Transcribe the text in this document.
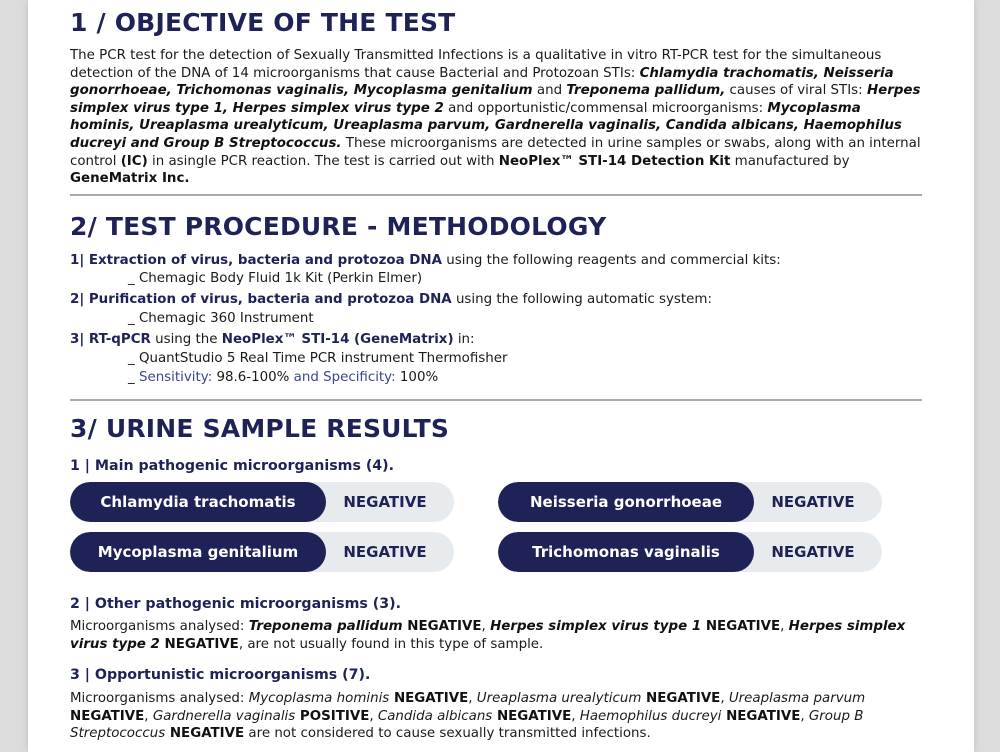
1 / OBJECTIVE OF THE TEST
The PCR test for the detection of Sexually Transmitted Infections is a qualitative in vitro RT-PCR test for the simultaneous detection of the DNA of 14 microorganisms that cause Bacterial and Protozoan STIs: Chlamydia trachomatis, Neisseria gonorrhoeae, Trichomonas vaginalis, Mycoplasma genitalium and Treponema pallidum, causes of viral STIs: Herpes simplex virus type 1, Herpes simplex virus type 2 and opportunistic/commensal microorganisms: Mycoplasma hominis, Ureaplasma urealyticum, Ureaplasma parvum, Gardnerella vaginalis, Candida albicans, Haemophilus ducreyi and Group B Streptococcus. These microorganisms are detected in urine samples or swabs, along with an internal control (IC) in asingle PCR reaction. The test is carried out with NeoPlex™ STI-14 Detection Kit manufactured by GeneMatrix Inc.
2/ TEST PROCEDURE - METHODOLOGY
1| Extraction of virus, bacteria and protozoa DNA using the following reagents and commercial kits:
_ Chemagic Body Fluid 1k Kit (Perkin Elmer)
2| Purification of virus, bacteria and protozoa DNA using the following automatic system:
_ Chemagic 360 Instrument
3| RT-qPCR using the NeoPlex™ STI-14 (GeneMatrix) in:
_ QuantStudio 5 Real Time PCR instrument Thermofisher
_ Sensitivity: 98.6-100% and Specificity: 100%
3/ URINE SAMPLE RESULTS
1 | Main pathogenic microorganisms (4).
Chlamydia trachomatis	NEGATIVE	Neisseria gonorrhoeae	NEGATIVE
Mycoplasma genitalium	NEGATIVE	Trichomonas vaginalis	NEGATIVE
2 | Other pathogenic microorganisms (3).
Microorganisms analysed: Treponema pallidum NEGATIVE, Herpes simplex virus type 1 NEGATIVE, Herpes simplex virus type 2 NEGATIVE, are not usually found in this type of sample.
3 | Opportunistic microorganisms (7).
Microorganisms analysed: Mycoplasma hominis NEGATIVE, Ureaplasma urealyticum NEGATIVE, Ureaplasma parvum NEGATIVE, Gardnerella vaginalis POSITIVE, Candida albicans NEGATIVE, Haemophilus ducreyi NEGATIVE, Group B Streptococcus NEGATIVE are not considered to cause sexually transmitted infections.
